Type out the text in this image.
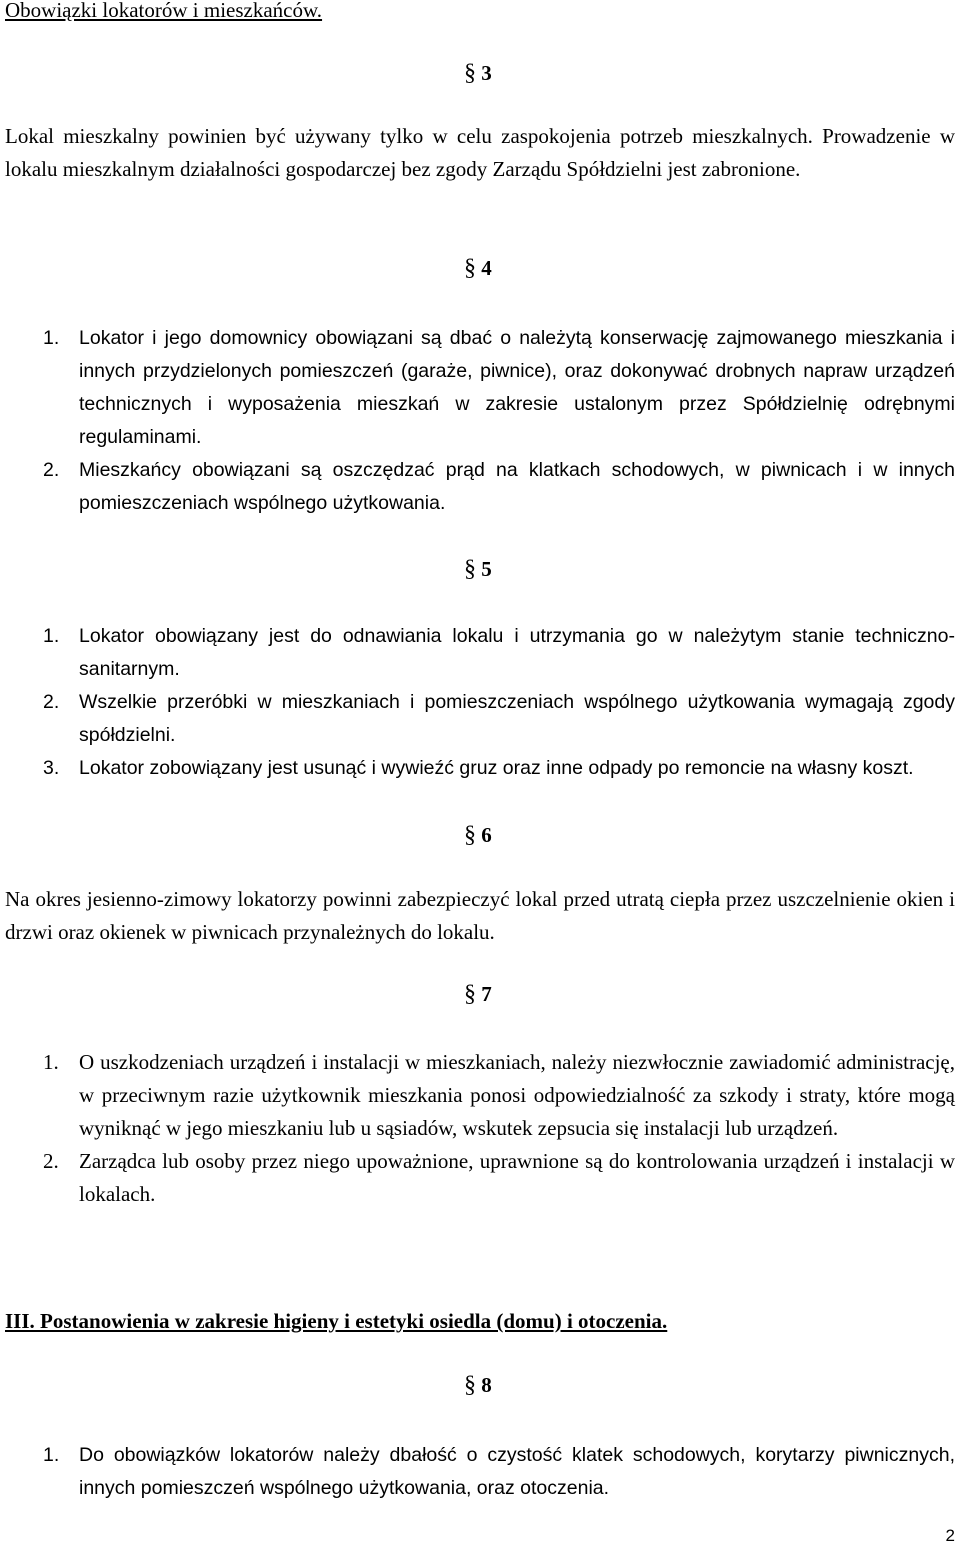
Obowiązki lokatorów i mieszkańców.
§ 3

Lokal mieszkalny powinien być używany tylko w celu zaspokojenia potrzeb mieszkalnych. Prowadzenie w lokalu mieszkalnym działalności gospodarczej bez zgody Zarządu Spółdzielni jest zabronione.

§ 4
1. Lokator i jego domownicy obowiązani są dbać o należytą konserwację zajmowanego mieszkania i innych przydzielonych pomieszczeń (garaże, piwnice), oraz dokonywać drobnych napraw urządzeń technicznych i wyposażenia mieszkań w zakresie ustalonym przez Spółdzielnię odrębnymi regulaminami.
2. Mieszkańcy obowiązani są oszczędzać prąd na klatkach schodowych, w piwnicach i w innych pomieszczeniach wspólnego użytkowania.
§ 5
1. Lokator obowiązany jest do odnawiania lokalu i utrzymania go w należytym stanie techniczno-sanitarnym.
2. Wszelkie przeróbki w mieszkaniach i pomieszczeniach wspólnego użytkowania wymagają zgody spółdzielni.
3. Lokator zobowiązany jest usunąć i wywieźć gruz oraz inne odpady po remoncie na własny koszt.
§ 6

Na okres jesienno-zimowy lokatorzy powinni zabezpieczyć lokal przed utratą ciepła przez uszczelnienie okien i drzwi oraz okienek w piwnicach przynależnych do lokalu.

§ 7
1. O uszkodzeniach urządzeń i instalacji w mieszkaniach, należy niezwłocznie zawiadomić administrację, w przeciwnym razie użytkownik mieszkania ponosi odpowiedzialność za szkody i straty, które mogą wyniknąć w jego mieszkaniu lub u sąsiadów, wskutek zepsucia się instalacji lub urządzeń.
2. Zarządca lub osoby przez niego upoważnione, uprawnione są do kontrolowania urządzeń i instalacji w lokalach.
III. Postanowienia w zakresie higieny i estetyki osiedla (domu) i otoczenia.
§ 8
1. Do obowiązków lokatorów należy dbałość o czystość klatek schodowych, korytarzy piwnicznych, innych pomieszczeń wspólnego użytkowania, oraz otoczenia.
2
